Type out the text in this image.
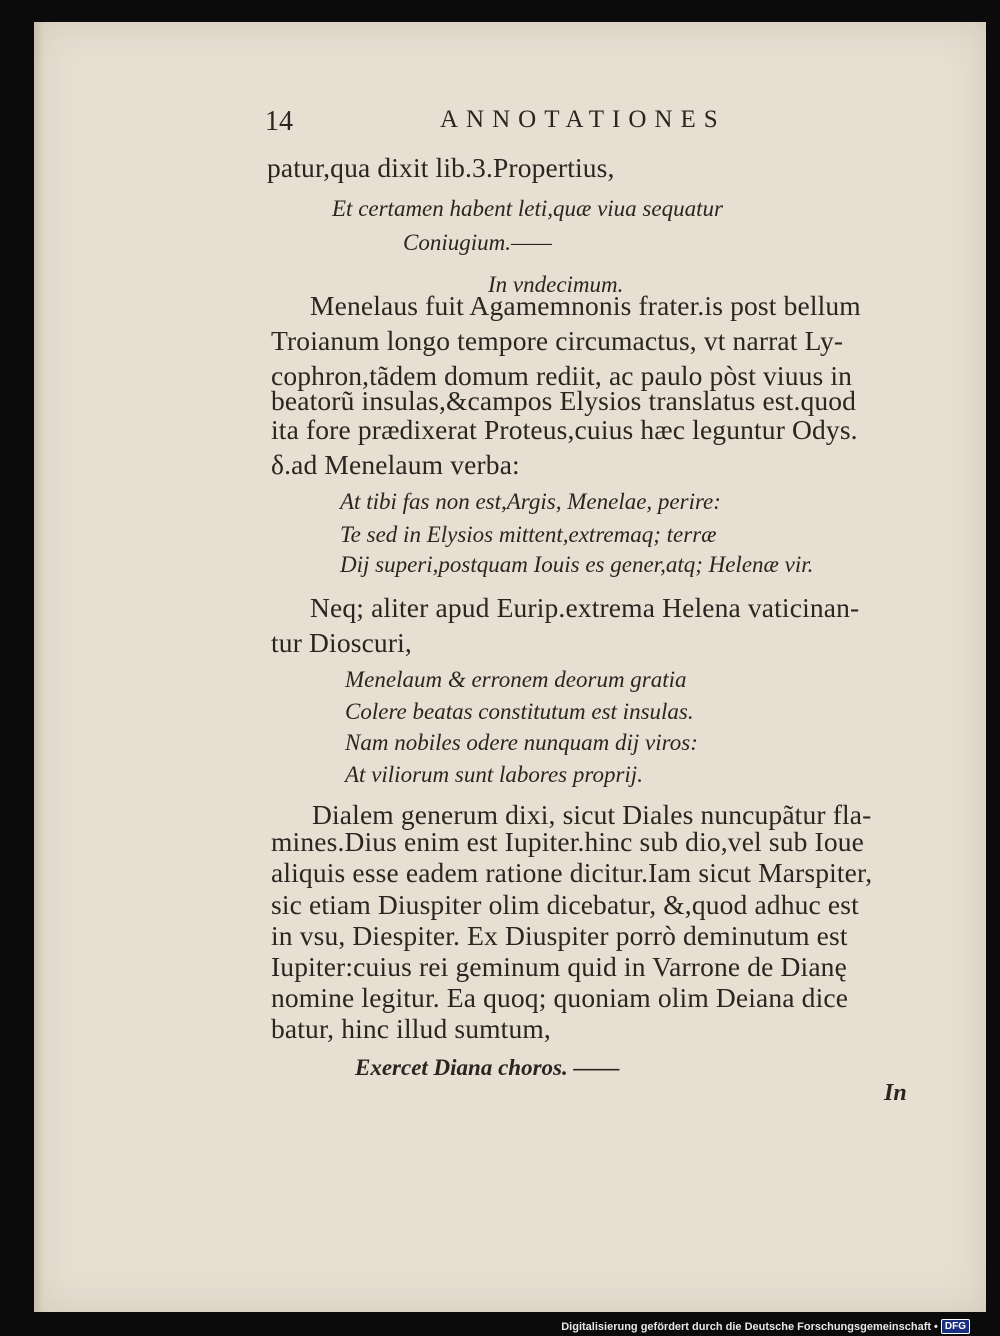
14	ANNOTATIONES
patur,qua dixit lib.3.Propertius,
Et certamen habent leti,quæ viua sequatur
Coniugium.——
In vndecimum.
Menelaus fuit Agamemnonis frater.is post bellum
Troianum longo tempore circumactus, vt narrat Ly-
cophron,tãdem domum rediit, ac paulo pòst viuus in
beatorũ insulas,&campos Elysios translatus est.quod
ita fore prædixerat Proteus,cuius hæc leguntur Odys.
δ.ad Menelaum verba:
At tibi fas non est,Argis, Menelae, perire:
Te sed in Elysios mittent,extremaq; terræ
Dij superi,postquam Iouis es gener,atq; Helenæ vir.
Neq; aliter apud Eurip.extrema Helena vaticinan-
tur Dioscuri,
Menelaum & erronem deorum gratia
Colere beatas constitutum est insulas.
Nam nobiles odere nunquam dij viros:
At viliorum sunt labores proprij.
Dialem generum dixi, sicut Diales nuncupãtur fla-
mines.Dius enim est Iupiter.hinc sub dio,vel sub Ioue
aliquis esse eadem ratione dicitur.Iam sicut Marspiter,
sic etiam Diuspiter olim dicebatur, &,quod adhuc est
in vsu, Diespiter. Ex Diuspiter porrò deminutum est
Iupiter:cuius rei geminum quid in Varrone de Dianę
nomine legitur. Ea quoq; quoniam olim Deiana dice
batur, hinc illud sumtum,
Exercet Diana choros. ——
In
Digitalisierung gefördert durch die Deutsche Forschungsgemeinschaft • DFG
